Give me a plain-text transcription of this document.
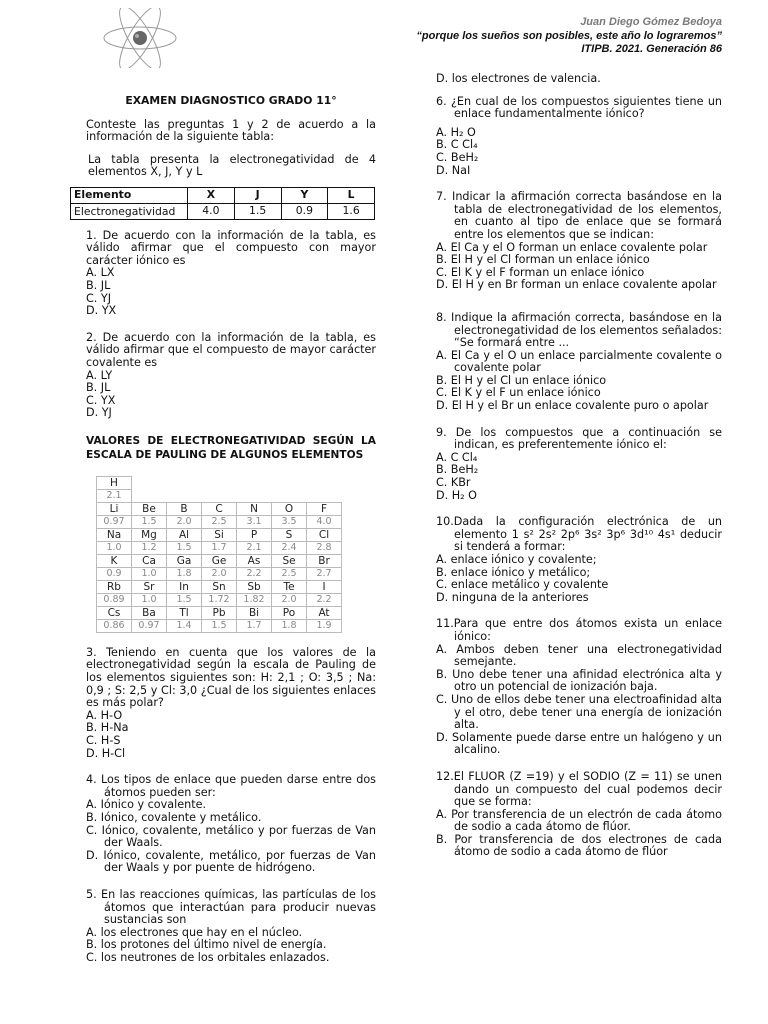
Juan Diego Gómez Bedoya
“porque los sueños son posibles, este año lo lograremos”
ITIPB. 2021. Generación 86
EXAMEN DIAGNOSTICO GRADO 11°

Conteste las preguntas 1 y 2 de acuerdo a la información de la siguiente tabla:

La tabla presenta la electronegatividad de 4 elementos X, J, Y y L

Elemento	X	J	Y	L
Electronegatividad	4.0	1.5	0.9	1.6

1. De acuerdo con la información de la tabla, es válido afirmar que el compuesto con mayor carácter iónico es

A. LX
B. JL
C. YJ
D. YX

2. De acuerdo con la información de la tabla, es válido afirmar que el compuesto de mayor carácter covalente es

A. LY
B. JL
C. YX
D. YJ
VALORES DE ELECTRONEGATIVIDAD SEGÚN LA ESCALA DE PAULING DE ALGUNOS ELEMENTOS
H						
2.1						
Li	Be	B	C	N	O	F
0.97	1.5	2.0	2.5	3.1	3.5	4.0
Na	Mg	Al	Si	P	S	Cl
1.0	1.2	1.5	1.7	2.1	2.4	2.8
K	Ca	Ga	Ge	As	Se	Br
0.9	1.0	1.8	2.0	2.2	2.5	2.7
Rb	Sr	In	Sn	Sb	Te	I
0.89	1.0	1.5	1.72	1.82	2.0	2.2
Cs	Ba	Tl	Pb	Bi	Po	At
0.86	0.97	1.4	1.5	1.7	1.8	1.9

3. Teniendo en cuenta que los valores de la electronegatividad según la escala de Pauling de los elementos siguientes son: H: 2,1 ; O: 3,5 ; Na: 0,9 ; S: 2,5 y Cl: 3,0 ¿Cual de los siguientes enlaces es más polar?

A. H-O
B. H-Na
C. H-S
D. H-Cl

4. Los tipos de enlace que pueden darse entre dos átomos pueden ser:

A. Iónico y covalente.
B. Iónico, covalente y metálico.
C. Iónico, covalente, metálico y por fuerzas de Van der Waals.
D. Iónico, covalente, metálico, por fuerzas de Van der Waals y por puente de hidrógeno.

5. En las reacciones químicas, las partículas de los átomos que interactúan para producir nuevas sustancias son

A. los electrones que hay en el núcleo.
B. los protones del último nivel de energía.
C. los neutrones de los orbitales enlazados.
D. los electrones de valencia.

6. ¿En cual de los compuestos siguientes tiene un enlace fundamentalmente iónico?

A. H₂ O
B. C Cl₄
C. BeH₂
D. NaI

7. Indicar la afirmación correcta basándose en la tabla de electronegatividad de los elementos, en cuanto al tipo de enlace que se formará entre los elementos que se indican:

A. El Ca y el O forman un enlace covalente polar
B. El H y el Cl forman un enlace iónico
C. El K y el F forman un enlace iónico
D. El H y en Br forman un enlace covalente apolar

8. Indique la afirmación correcta, basándose en la electronegatividad de los elementos señalados: “Se formará entre ...

A. El Ca y el O un enlace parcialmente covalente o covalente polar
B. El H y el Cl un enlace iónico
C. El K y el F un enlace iónico
D. El H y el Br un enlace covalente puro o apolar

9. De los compuestos que a continuación se indican, es preferentemente iónico el:

A. C Cl₄
B. BeH₂
C. KBr
D. H₂ O

10.Dada la configuración electrónica de un elemento 1 s² 2s² 2p⁶ 3s² 3p⁶ 3d¹⁰ 4s¹ deducir si tenderá a formar:

A. enlace iónico y covalente;
B. enlace iónico y metálico;
C. enlace metálico y covalente
D. ninguna de la anteriores

11.Para que entre dos átomos exista un enlace iónico:

A. Ambos deben tener una electronegatividad semejante.
B. Uno debe tener una afinidad electrónica alta y otro un potencial de ionización baja.
C. Uno de ellos debe tener una electroafinidad alta y el otro, debe tener una energía de ionización alta.
D. Solamente puede darse entre un halógeno y un alcalino.

12.El FLUOR (Z =19) y el SODIO (Z = 11) se unen dando un compuesto del cual podemos decir que se forma:

A. Por transferencia de un electrón de cada átomo de sodio a cada átomo de flúor.
B. Por transferencia de dos electrones de cada átomo de sodio a cada átomo de flúor
